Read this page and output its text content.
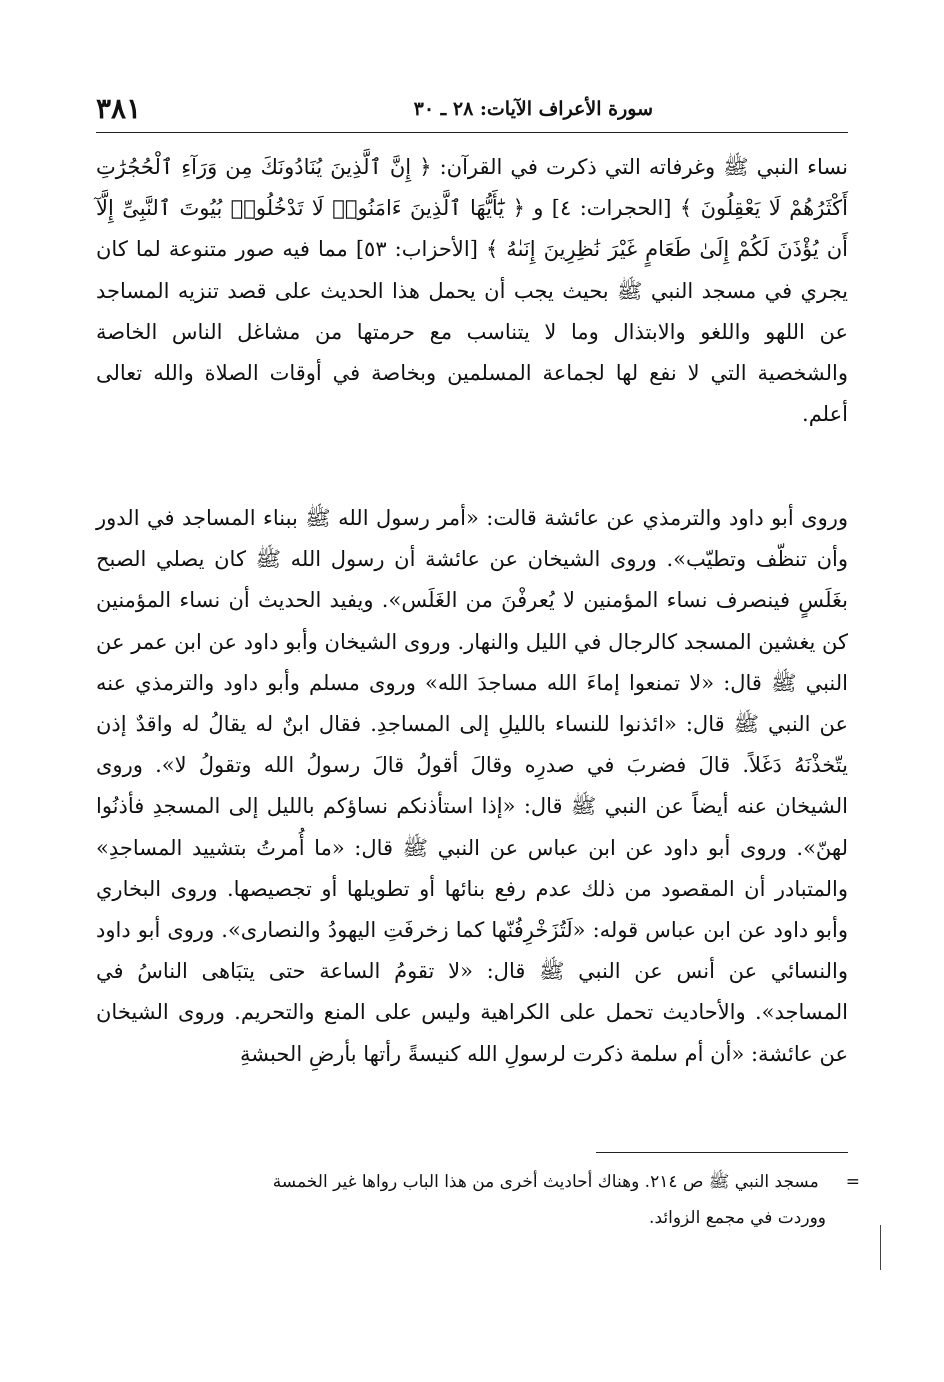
سورة الأعراف الآيات: ٢٨ ـ ٣٠
٣٨١

نساء النبي ﷺ وغرفاته التي ذكرت في القرآن: ﴿ إِنَّ ٱلَّذِينَ يُنَادُونَكَ مِن وَرَآءِ ٱلْحُجُرَٰتِ أَكْثَرُهُمْ لَا يَعْقِلُونَ ﴾ [الحجرات: ٤] و ﴿ يَٰٓأَيُّهَا ٱلَّذِينَ ءَامَنُوا۟ لَا تَدْخُلُوا۟ بُيُوتَ ٱلنَّبِىِّ إِلَّآ أَن يُؤْذَنَ لَكُمْ إِلَىٰ طَعَامٍ غَيْرَ نَٰظِرِينَ إِنَىٰهُ ﴾ [الأحزاب: ٥٣] مما فيه صور متنوعة لما كان يجري في مسجد النبي ﷺ بحيث يجب أن يحمل هذا الحديث على قصد تنزيه المساجد عن اللهو واللغو والابتذال وما لا يتناسب مع حرمتها من مشاغل الناس الخاصة والشخصية التي لا نفع لها لجماعة المسلمين وبخاصة في أوقات الصلاة والله تعالى أعلم.

وروى أبو داود والترمذي عن عائشة قالت: «أمر رسول الله ﷺ ببناء المساجد في الدور وأن تنظّف وتطيّب». وروى الشيخان عن عائشة أن رسول الله ﷺ كان يصلي الصبح بغَلَسٍ فينصرف نساء المؤمنين لا يُعرفْنَ من الغَلَس». ويفيد الحديث أن نساء المؤمنين كن يغشين المسجد كالرجال في الليل والنهار. وروى الشيخان وأبو داود عن ابن عمر عن النبي ﷺ قال: «لا تمنعوا إماءَ الله مساجدَ الله» وروى مسلم وأبو داود والترمذي عنه عن النبي ﷺ قال: «ائذنوا للنساء بالليلِ إلى المساجدِ. فقال ابنٌ له يقالُ له واقدٌ إذن يتّخذْنَهُ دَغَلاً. قالَ فضربَ في صدرِه وقالَ أقولُ قالَ رسولُ الله وتقولُ لا». وروى الشيخان عنه أيضاً عن النبي ﷺ قال: «إذا استأذنكم نساؤكم بالليل إلى المسجدِ فأذنُوا لهنّ». وروى أبو داود عن ابن عباس عن النبي ﷺ قال: «ما أُمرتُ بتشييد المساجدِ» والمتبادر أن المقصود من ذلك عدم رفع بنائها أو تطويلها أو تجصيصها. وروى البخاري وأبو داود عن ابن عباس قوله: «لَتُزَخْرِفُنّها كما زخرفَتِ اليهودُ والنصارى». وروى أبو داود والنسائي عن أنس عن النبي ﷺ قال: «لا تقومُ الساعة حتى يتبَاهى الناسُ في المساجد». والأحاديث تحمل على الكراهية وليس على المنع والتحريم. وروى الشيخان عن عائشة: «أن أم سلمة ذكرت لرسولِ الله كنيسةً رأتها بأرضِ الحبشةِ

=     مسجد النبي ﷺ ص ٢١٤. وهناك أحاديث أخرى من هذا الباب رواها غير الخمسة
ووردت في مجمع الزوائد.
